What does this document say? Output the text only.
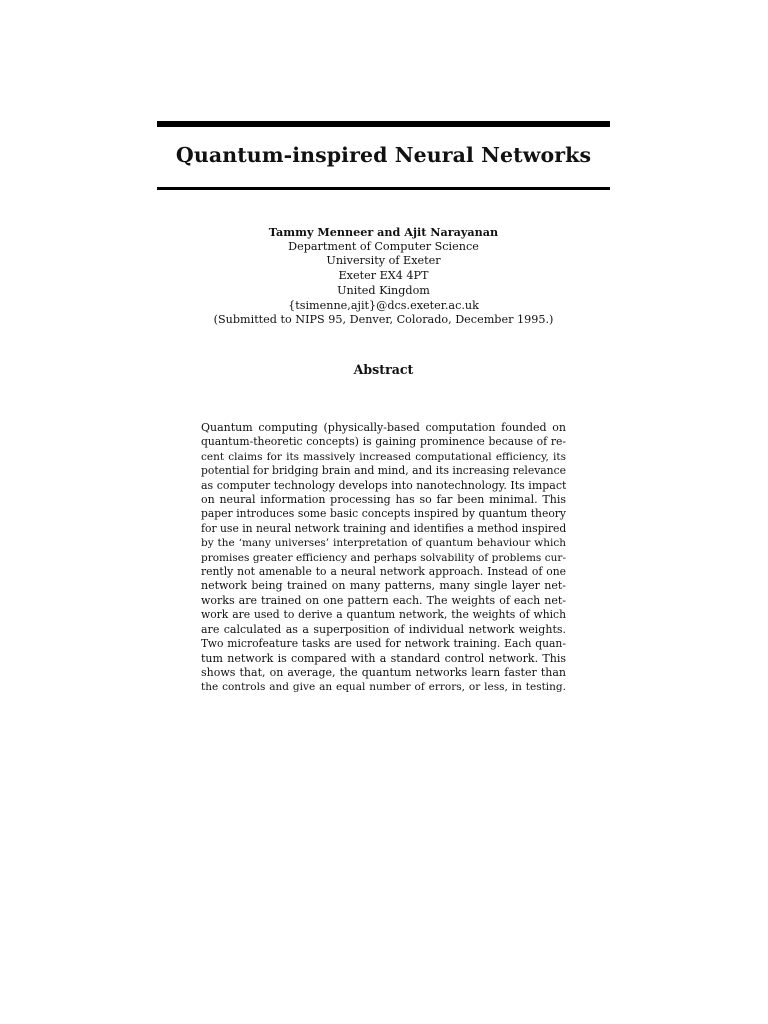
Quantum-inspired Neural Networks
Tammy Menneer and Ajit Narayanan
Department of Computer Science
University of Exeter
Exeter EX4 4PT
United Kingdom
{tsimenne,ajit}@dcs.exeter.ac.uk
(Submitted to NIPS 95, Denver, Colorado, December 1995.)
Abstract
Quantum computing (physically-based computation founded on
quantum-theoretic concepts) is gaining prominence because of re-
cent claims for its massively increased computational efficiency, its
potential for bridging brain and mind, and its increasing relevance
as computer technology develops into nanotechnology. Its impact
on neural information processing has so far been minimal. This
paper introduces some basic concepts inspired by quantum theory
for use in neural network training and identifies a method inspired
by the ‘many universes’ interpretation of quantum behaviour which
promises greater efficiency and perhaps solvability of problems cur-
rently not amenable to a neural network approach. Instead of one
network being trained on many patterns, many single layer net-
works are trained on one pattern each. The weights of each net-
work are used to derive a quantum network, the weights of which
are calculated as a superposition of individual network weights.
Two microfeature tasks are used for network training. Each quan-
tum network is compared with a standard control network. This
shows that, on average, the quantum networks learn faster than
the controls and give an equal number of errors, or less, in testing.
